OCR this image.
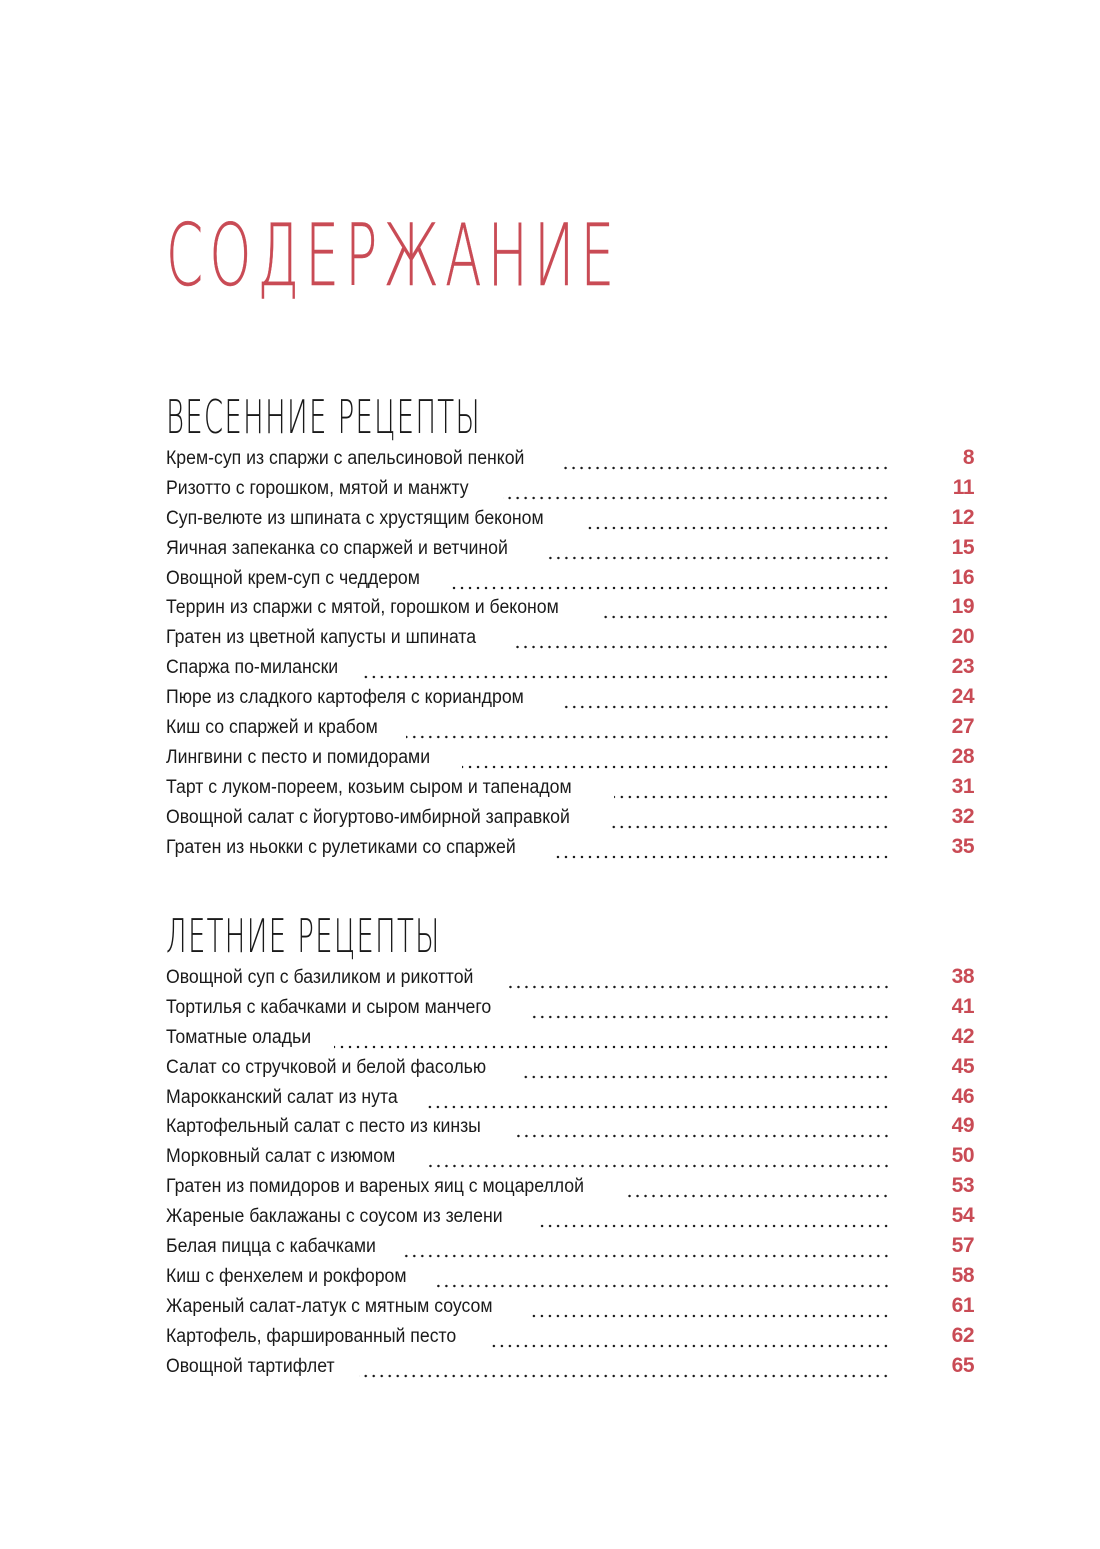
СОДЕРЖАНИЕ
ВЕСЕННИЕ РЕЦЕПТЫ
Крем-суп из спаржи с апельсиновой пенкой	8
Ризотто с горошком, мятой и манжту	11
Суп-велюте из шпината с хрустящим беконом	12
Яичная запеканка со спаржей и ветчиной	15
Овощной крем-суп с чеддером	16
Террин из спаржи с мятой, горошком и беконом	19
Гратен из цветной капусты и шпината	20
Спаржа по-милански	23
Пюре из сладкого картофеля с кориандром	24
Киш со спаржей и крабом	27
Лингвини с песто и помидорами	28
Тарт с луком-пореем, козьим сыром и тапенадом	31
Овощной салат с йогуртово-имбирной заправкой	32
Гратен из ньокки с рулетиками со спаржей	35
ЛЕТНИЕ РЕЦЕПТЫ
Овощной суп с базиликом и рикоттой	38
Тортилья с кабачками и сыром манчего	41
Томатные оладьи	42
Салат со стручковой и белой фасолью	45
Марокканский салат из нута	46
Картофельный салат с песто из кинзы	49
Морковный салат с изюмом	50
Гратен из помидоров и вареных яиц с моцареллой	53
Жареные баклажаны с соусом из зелени	54
Белая пицца с кабачками	57
Киш с фенхелем и рокфором	58
Жареный салат-латук с мятным соусом	61
Картофель, фаршированный песто	62
Овощной тартифлет	65
